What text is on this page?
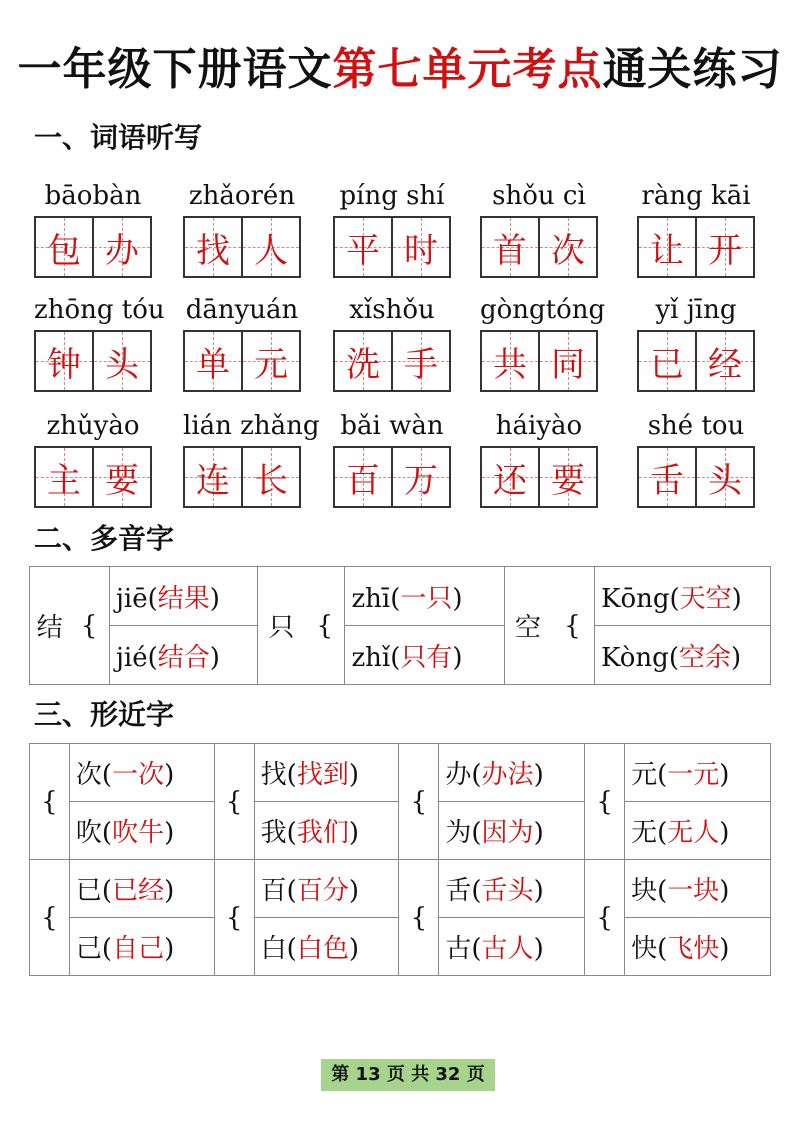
一年级下册语文第七单元考点通关练习
一、词语听写
bāobàn
包 办
zhǎorén
找 人
píng shí
平 时
shǒu cì
首 次
ràng kāi
让 开
zhōng tóu
钟 头
dānyuán
单 元
xǐshǒu
洗 手
gòngtóng
共 同
yǐ jīng
已 经
zhǔyào
主 要
lián zhǎng
连 长
bǎi wàn
百 万
háiyào
还 要
shé tou
舌 头
二、多音字
结	{	jiē(结果)	只	{	zhī(一只)	空	{	Kōng(天空)
		jié(结合)			zhǐ(只有)			Kòng(空余)
三、形近字
{	次(一次)	{	找(找到)	{	办(办法)	{	元(一元)
	吹(吹牛)		我(我们)		为(因为)		无(无人)
{	已(已经)	{	百(百分)	{	舌(舌头)	{	块(一块)
	己(自己)		白(白色)		古(古人)		快(飞快)
第 13 页 共 32 页
